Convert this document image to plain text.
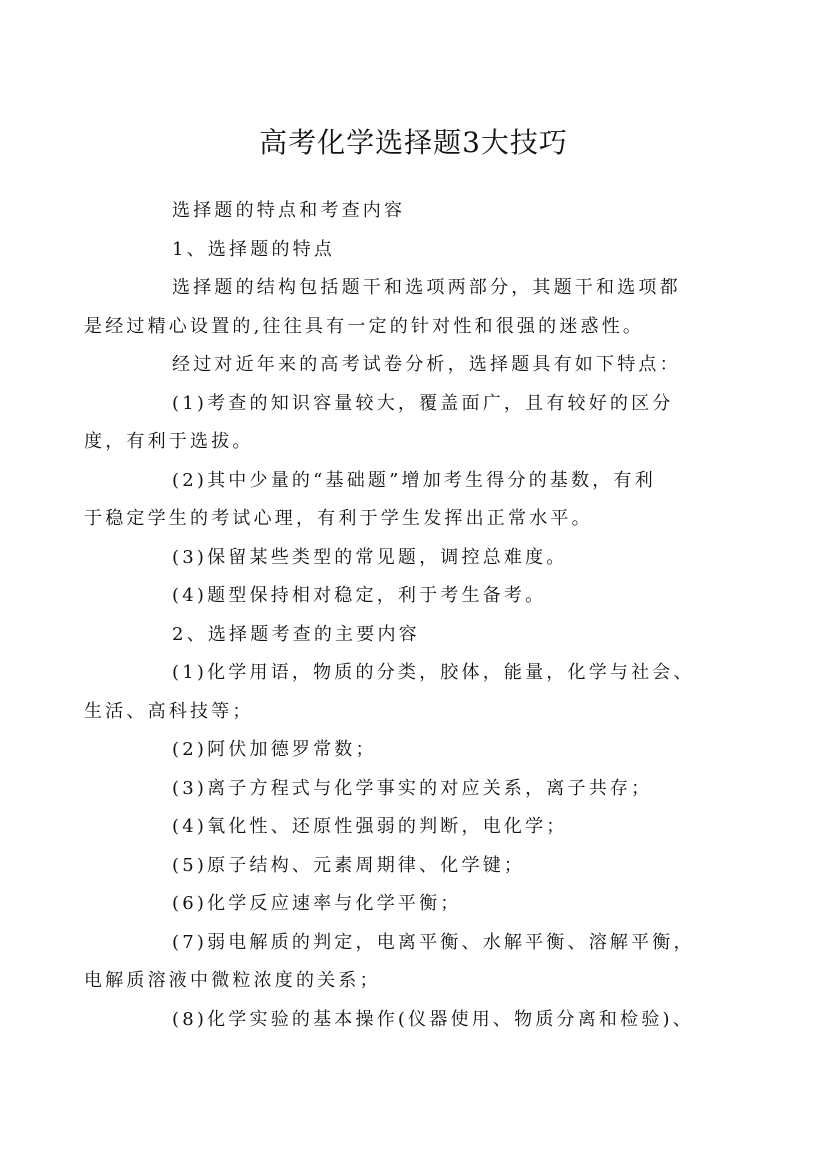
高考化学选择题3大技巧

选择题的特点和考查内容

1、选择题的特点

选择题的结构包括题干和选项两部分，其题干和选项都
是经过精心设置的,往往具有一定的针对性和很强的迷惑性。

经过对近年来的高考试卷分析，选择题具有如下特点：

(1)考查的知识容量较大，覆盖面广，且有较好的区分
度，有利于选拔。

(2)其中少量的“基础题”增加考生得分的基数，有利
于稳定学生的考试心理，有利于学生发挥出正常水平。

(3)保留某些类型的常见题，调控总难度。

(4)题型保持相对稳定，利于考生备考。

2、选择题考查的主要内容

(1)化学用语，物质的分类，胶体，能量，化学与社会、
生活、高科技等；

(2)阿伏加德罗常数；

(3)离子方程式与化学事实的对应关系，离子共存；

(4)氧化性、还原性强弱的判断，电化学；

(5)原子结构、元素周期律、化学键；

(6)化学反应速率与化学平衡；

(7)弱电解质的判定，电离平衡、水解平衡、溶解平衡，
电解质溶液中微粒浓度的关系；

(8)化学实验的基本操作(仪器使用、物质分离和检验)、
